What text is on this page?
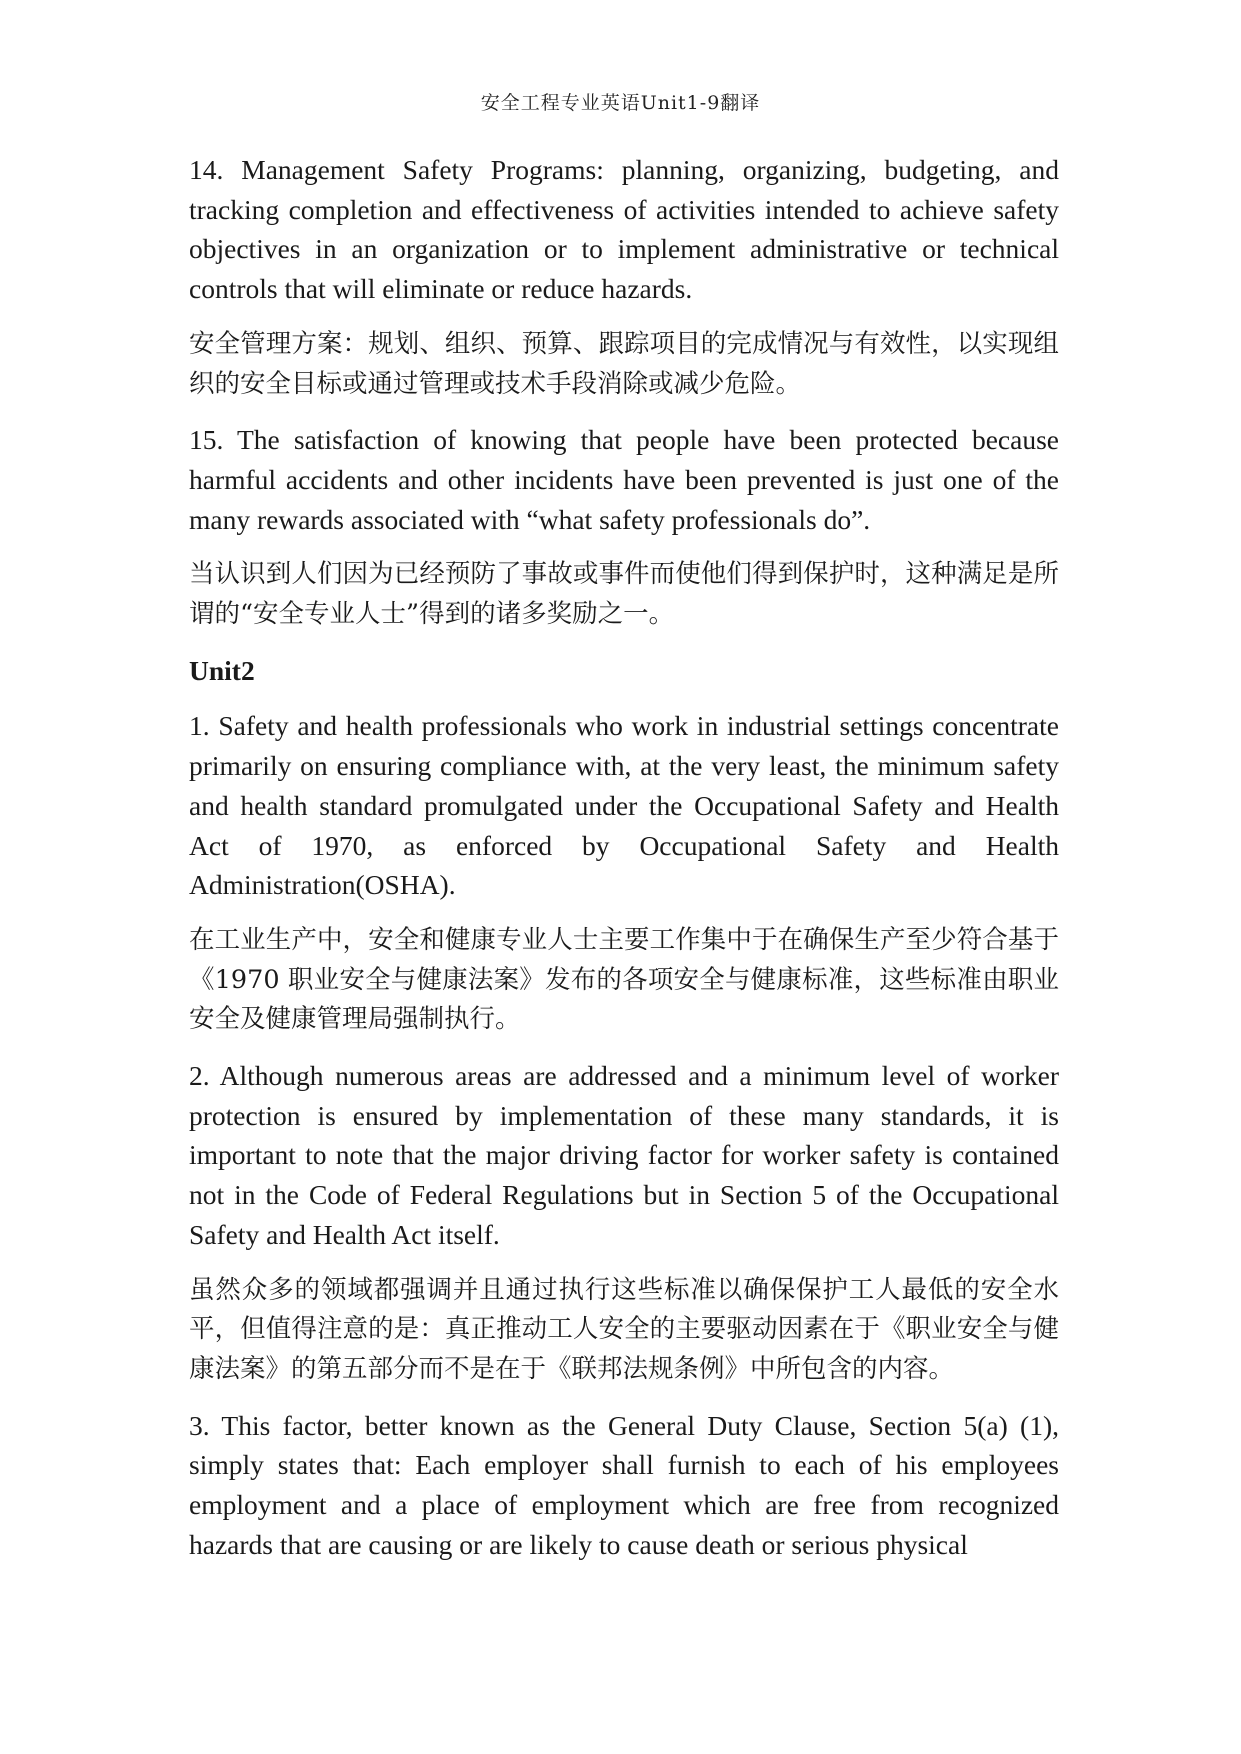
安全工程专业英语Unit1-9翻译

14. Management Safety Programs: planning, organizing, budgeting, and tracking completion and effectiveness of activities intended to achieve safety objectives in an organization or to implement administrative or technical controls that will eliminate or reduce hazards.

安全管理方案：规划、组织、预算、跟踪项目的完成情况与有效性，以实现组织的安全目标或通过管理或技术手段消除或减少危险。

15. The satisfaction of knowing that people have been protected because harmful accidents and other incidents have been prevented is just one of the many rewards associated with “what safety professionals do”.

当认识到人们因为已经预防了事故或事件而使他们得到保护时，这种满足是所谓的“安全专业人士”得到的诸多奖励之一。

Unit2

1. Safety and health professionals who work in industrial settings concentrate primarily on ensuring compliance with, at the very least, the minimum safety and health standard promulgated under the Occupational Safety and Health Act of 1970, as enforced by Occupational Safety and Health Administration(OSHA).

在工业生产中，安全和健康专业人士主要工作集中于在确保生产至少符合基于《1970 职业安全与健康法案》发布的各项安全与健康标准，这些标准由职业安全及健康管理局强制执行。

2. Although numerous areas are addressed and a minimum level of worker protection is ensured by implementation of these many standards, it is important to note that the major driving factor for worker safety is contained not in the Code of Federal Regulations but in Section 5 of the Occupational Safety and Health Act itself.

虽然众多的领域都强调并且通过执行这些标准以确保保护工人最低的安全水平，但值得注意的是：真正推动工人安全的主要驱动因素在于《职业安全与健康法案》的第五部分而不是在于《联邦法规条例》中所包含的内容。

3. This factor, better known as the General Duty Clause, Section 5(a) (1), simply states that: Each employer shall furnish to each of his employees employment and a place of employment which are free from recognized hazards that are causing or are likely to cause death or serious physical
